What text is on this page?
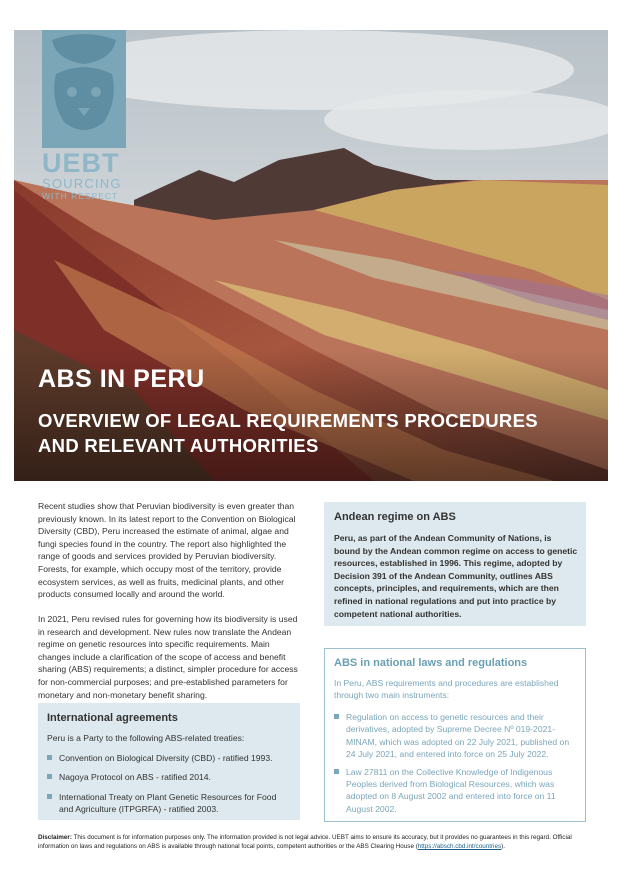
UEBT
SOURCING
WITH RESPECT
ABS IN PERU
OVERVIEW OF LEGAL REQUIREMENTS PROCEDURES AND RELEVANT AUTHORITIES

Recent studies show that Peruvian biodiversity is even greater than previously known. In its latest report to the Convention on Biological Diversity (CBD), Peru increased the estimate of animal, algae and fungi species found in the country. The report also highlighted the range of goods and services provided by Peruvian biodiversity. Forests, for example, which occupy most of the territory, provide ecosystem services, as well as fruits, medicinal plants, and other products consumed locally and around the world.

In 2021, Peru revised rules for governing how its biodiversity is used in research and development. New rules now translate the Andean regime on genetic resources into specific requirements. Main changes include a clarification of the scope of access and benefit sharing (ABS) requirements; a distinct, simpler procedure for access for non-commercial purposes; and pre-established parameters for monetary and non-monetary benefit sharing.

Andean regime on ABS

Peru, as part of the Andean Community of Nations, is bound by the Andean common regime on access to genetic resources, established in 1996. This regime, adopted by Decision 391 of the Andean Community, outlines ABS concepts, principles, and requirements, which are then refined in national regulations and put into practice by competent national authorities.

ABS in national laws and regulations

In Peru, ABS requirements and procedures are established through two main instruments:

Regulation on access to genetic resources and their derivatives, adopted by Supreme Decree Nº 019-2021-MINAM, which was adopted on 22 July 2021, published on 24 July 2021, and entered into force on 25 July 2022.
Law 27811 on the Collective Knowledge of Indigenous Peoples derived from Biological Resources, which was adopted on 8 August 2002 and entered into force on 11 August 2002.
International agreements

Peru is a Party to the following ABS-related treaties:

Convention on Biological Diversity (CBD) - ratified 1993.
Nagoya Protocol on ABS - ratified 2014.
International Treaty on Plant Genetic Resources for Food and Agriculture (ITPGRFA) - ratified 2003.

Disclaimer: This document is for information purposes only. The information provided is not legal advice. UEBT aims to ensure its accuracy, but it provides no guarantees in this regard. Official information on laws and regulations on ABS is available through national focal points, competent authorities or the ABS Clearing House (https://absch.cbd.int/countries).
